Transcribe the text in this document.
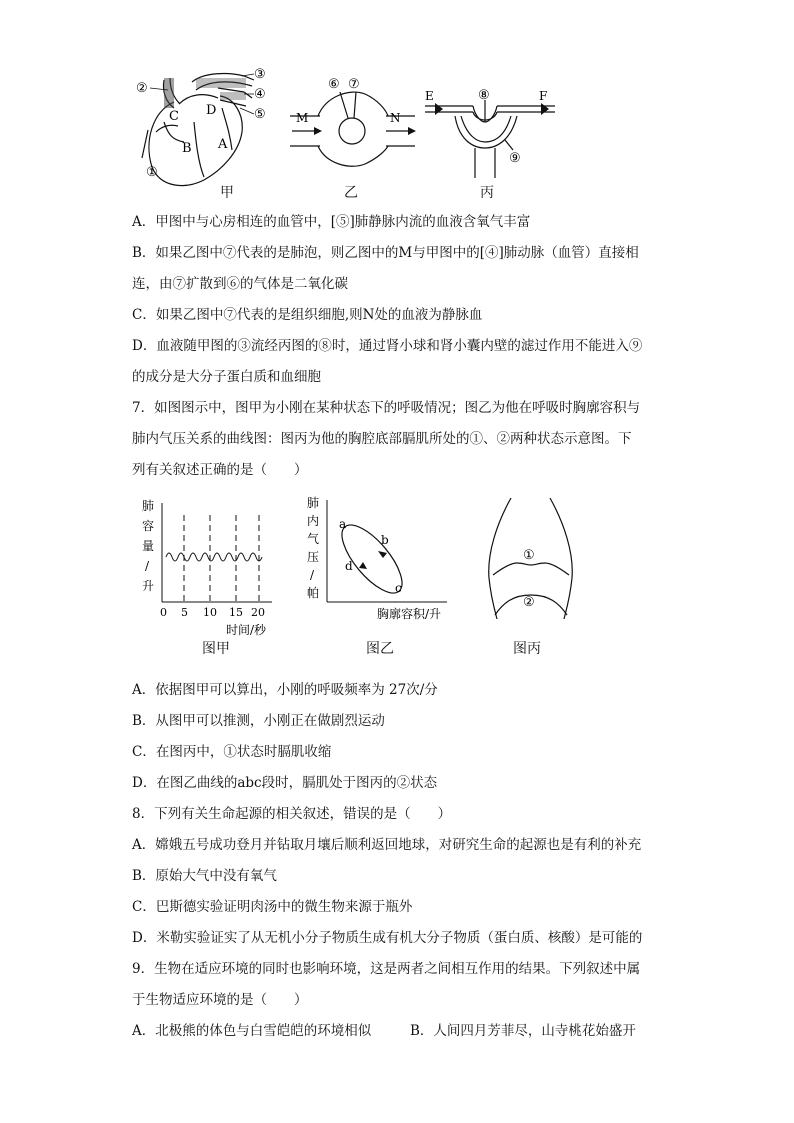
②
③
④
⑤
①
C D
B A
甲
⑥ ⑦
M	N
乙
E	F
⑧
⑨
丙
A．甲图中与心房相连的血管中，[⑤]肺静脉内流的血液含氧气丰富
B．如果乙图中⑦代表的是肺泡，则乙图中的M与甲图中的[④]肺动脉（血管）直接相
连，由⑦扩散到⑥的气体是二氧化碳
C．如果乙图中⑦代表的是组织细胞,则N处的血液为静脉血
D．血液随甲图的③流经丙图的⑧时，通过肾小球和肾小囊内壁的滤过作用不能进入⑨
的成分是大分子蛋白质和血细胞
7．如图图示中，图甲为小刚在某种状态下的呼吸情况；图乙为他在呼吸时胸廓容积与
肺内气压关系的曲线图：图丙为他的胸腔底部膈肌所处的①、②两种状态示意图。下
列有关叙述正确的是（　　）
肺
容
量
/
升
0 5 10 15 20
时间/秒
图甲
肺
内
气
压
/
帕
a
b
c
d
胸廓容积/升
图乙
①
②
图丙
A．依据图甲可以算出，小刚的呼吸频率为 27次/分
B．从图甲可以推测，小刚正在做剧烈运动
C．在图丙中，①状态时膈肌收缩
D．在图乙曲线的abc段时，膈肌处于图丙的②状态
8．下列有关生命起源的相关叙述，错误的是（　　）
A．嫦娥五号成功登月并钻取月壤后顺利返回地球，对研究生命的起源也是有利的补充
B．原始大气中没有氧气
C．巴斯德实验证明肉汤中的微生物来源于瓶外
D．米勒实验证实了从无机小分子物质生成有机大分子物质（蛋白质、核酸）是可能的
9．生物在适应环境的同时也影响环境，这是两者之间相互作用的结果。下列叙述中属
于生物适应环境的是（　　）
A．北极熊的体色与白雪皑皑的环境相似	B．人间四月芳菲尽，山寺桃花始盛开
